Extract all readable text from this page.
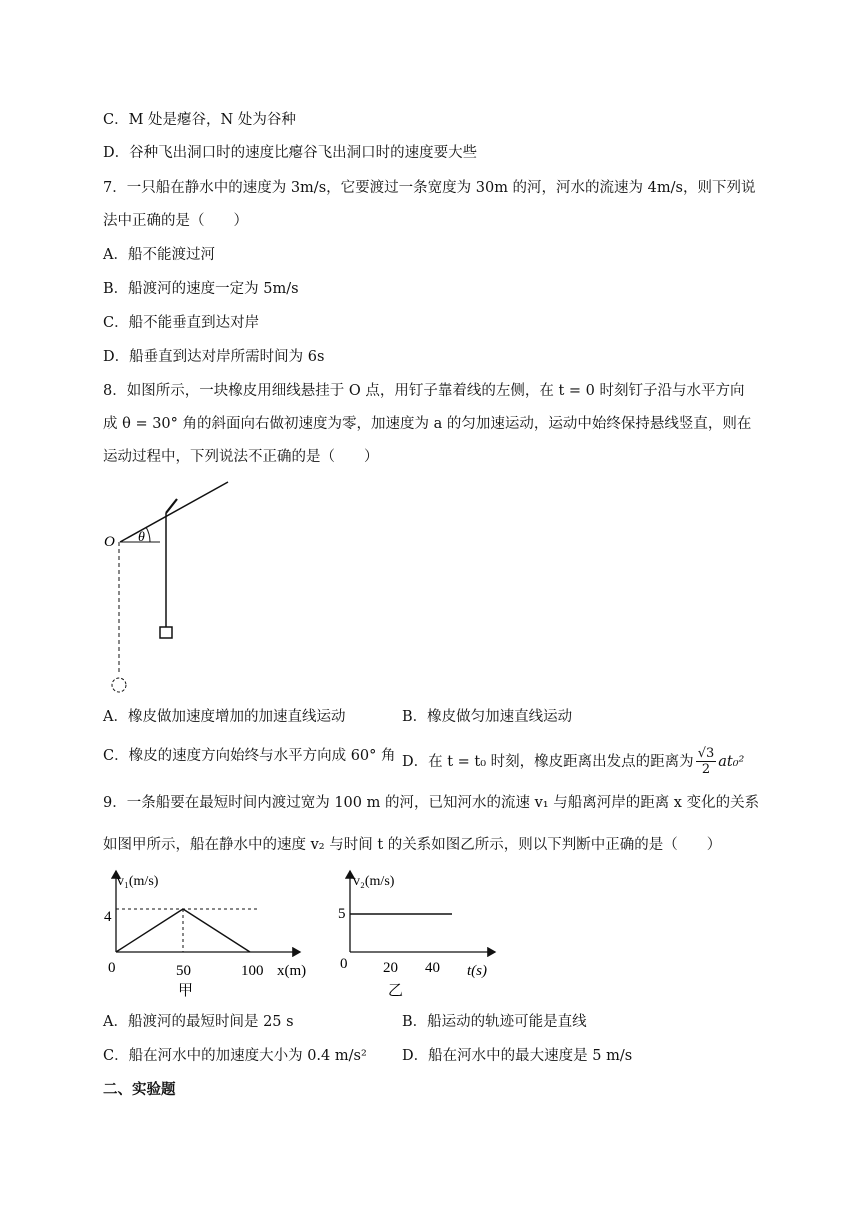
C．M 处是瘪谷，N 处为谷种
D．谷种飞出洞口时的速度比瘪谷飞出洞口时的速度要大些
7．一只船在静水中的速度为 3m/s，它要渡过一条宽度为 30m 的河，河水的流速为 4m/s，则下列说
法中正确的是（　　）
A．船不能渡过河
B．船渡河的速度一定为 5m/s
C．船不能垂直到达对岸
D．船垂直到达对岸所需时间为 6s
8．如图所示，一块橡皮用细线悬挂于 O 点，用钉子靠着线的左侧，在 t = 0 时刻钉子沿与水平方向
成 θ = 30° 角的斜面向右做初速度为零，加速度为 a 的匀加速运动，运动中始终保持悬线竖直，则在
运动过程中，下列说法不正确的是（　　）
O θ
A．橡皮做加速度增加的加速直线运动	B．橡皮做匀加速直线运动
C．橡皮的速度方向始终与水平方向成 60° 角 D．在 t = t₀ 时刻，橡皮距离出发点的距离为 $\frac{√3}{2} at_0^2$
9．一条船要在最短时间内渡过宽为 100 m 的河，已知河水的流速 v₁ 与船离河岸的距离 x 变化的关系
如图甲所示，船在静水中的速度 v₂ 与时间 t 的关系如图乙所示，则以下判断中正确的是（　　）
v₁(m/s)
x(m)
4
0	50	100
甲
v₂(m/s)
t(s)
5
0 20 40
乙
A．船渡河的最短时间是 25 s	B．船运动的轨迹可能是直线
C．船在河水中的加速度大小为 0.4 m/s² D．船在河水中的最大速度是 5 m/s
二、实验题
